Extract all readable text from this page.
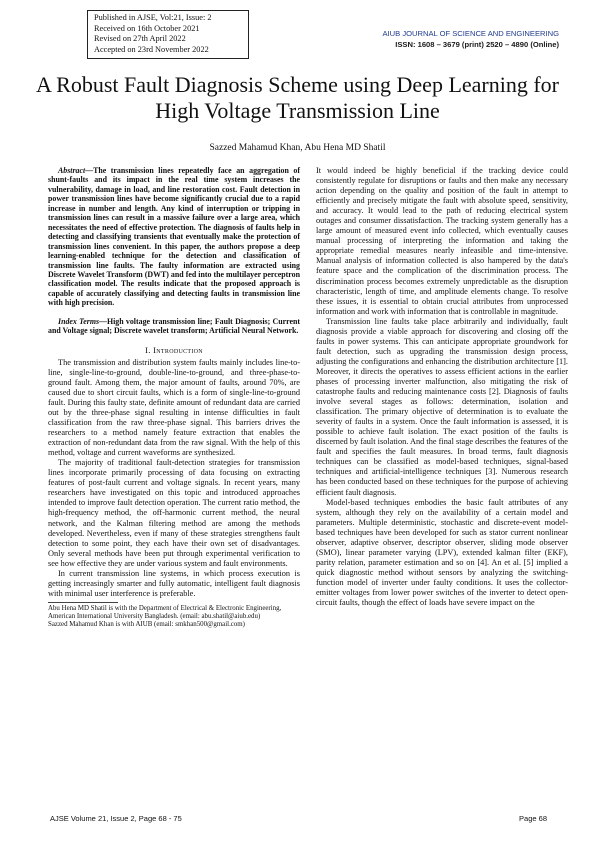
Published in AJSE, Vol:21, Issue: 2
Received on 16th October 2021
Revised on 27th April 2022
Accepted on 23rd November 2022
AIUB JOURNAL OF SCIENCE AND ENGINEERING
ISSN: 1608 – 3679 (print) 2520 – 4890 (Online)
A Robust Fault Diagnosis Scheme using Deep Learning for High Voltage Transmission Line
Sazzed Mahamud Khan, Abu Hena MD Shatil

Abstract—The transmission lines repeatedly face an aggregation of shunt-faults and its impact in the real time system increases the vulnerability, damage in load, and line restoration cost. Fault detection in power transmission lines have become significantly crucial due to a rapid increase in number and length. Any kind of interruption or tripping in transmission lines can result in a massive failure over a large area, which necessitates the need of effective protection. The diagnosis of faults help in detecting and classifying transients that eventually make the protection of transmission lines convenient. In this paper, the authors propose a deep learning-enabled technique for the detection and classification of transmission line faults. The faulty information are extracted using Discrete Wavelet Transform (DWT) and fed into the multilayer perceptron classification model. The results indicate that the proposed approach is capable of accurately classifying and detecting faults in transmission line with high precision.

Index Terms—High voltage transmission line; Fault Diagnosis; Current and Voltage signal; Discrete wavelet transform; Artificial Neural Network.

I. Introduction

The transmission and distribution system faults mainly includes line-to-line, single-line-to-ground, double-line-to-ground, and three-phase-to-ground fault. Among them, the major amount of faults, around 70%, are caused due to short circuit faults, which is a form of single-line-to-ground fault. During this faulty state, definite amount of redundant data are carried out by the three-phase signal resulting in intense difficulties in fault classification from the raw three-phase signal. This barriers drives the researchers to a method namely feature extraction that enables the extraction of non-redundant data from the raw signal. With the help of this method, voltage and current waveforms are synthesized.

The majority of traditional fault-detection strategies for transmission lines incorporate primarily processing of data focusing on extracting features of post-fault current and voltage signals. In recent years, many researchers have investigated on this topic and introduced approaches intended to improve fault detection operation. The current ratio method, the high-frequency method, the off-harmonic current method, the neural network, and the Kalman filtering method are among the methods developed. Nevertheless, even if many of these strategies strengthens fault detection to some point, they each have their own set of disadvantages. Only several methods have been put through experimental verification to see how effective they are under various system and fault environments.

In current transmission line systems, in which process execution is getting increasingly smarter and fully automatic, intelligent fault diagnosis with minimal user interference is preferable.

Abu Hena MD Shatil is with the Department of Electrical & Electronic Engineering, American International University Bangladesh. (email: abu.shatil@aiub.edu)

Sazzed Mahamud Khan is with AIUB (email: smkhan500@gmail.com)

It would indeed be highly beneficial if the tracking device could consistently regulate for disruptions or faults and then make any necessary action depending on the quality and position of the fault in attempt to efficiently and precisely mitigate the fault with absolute speed, sensitivity, and accuracy. It would lead to the path of reducing electrical system outages and consumer dissatisfaction. The tracking system generally has a large amount of measured event info collected, which eventually causes manual processing of interpreting the information and taking the appropriate remedial measures nearly infeasible and time-intensive. Manual analysis of information collected is also hampered by the data's feature space and the complication of the discrimination process. The discrimination process becomes extremely unpredictable as the disruption characteristic, length of time, and amplitude elements change. To resolve these issues, it is essential to obtain crucial attributes from unprocessed information and work with information that is controllable in magnitude.

Transmission line faults take place arbitrarily and individually, fault diagnosis provide a viable approach for discovering and closing off the faults in power systems. This can anticipate appropriate groundwork for fault detection, such as upgrading the transmission design process, adjusting the configurations and enhancing the distribution architecture [1]. Moreover, it directs the operatives to assess efficient actions in the earlier phases of processing inverter malfunction, also mitigating the risk of catastrophe faults and reducing maintenance costs [2]. Diagnosis of faults involve several stages as follows: determination, isolation and classification. The primary objective of determination is to evaluate the severity of faults in a system. Once the fault information is assessed, it is possible to achieve fault isolation. The exact position of the faults is discerned by fault isolation. And the final stage describes the features of the fault and specifies the fault measures. In broad terms, fault diagnosis techniques can be classified as model-based techniques, signal-based techniques and artificial-intelligence techniques [3]. Numerous research has been conducted based on these techniques for the purpose of achieving efficient fault diagnosis.

Model-based techniques embodies the basic fault attributes of any system, although they rely on the availability of a certain model and parameters. Multiple deterministic, stochastic and discrete-event model-based techniques have been developed for such as stator current nonlinear observer, adaptive observer, descriptor observer, sliding mode observer (SMO), linear parameter varying (LPV), extended kalman filter (EKF), parity relation, parameter estimation and so on [4]. An et al. [5] implied a quick diagnostic method without sensors by analyzing the switching-function model of inverter under faulty conditions. It uses the collector-emitter voltages from lower power switches of the inverter to detect open-circuit faults, though the effect of loads have severe impact on the

AJSE Volume 21, Issue 2, Page 68 - 75	Page 68
